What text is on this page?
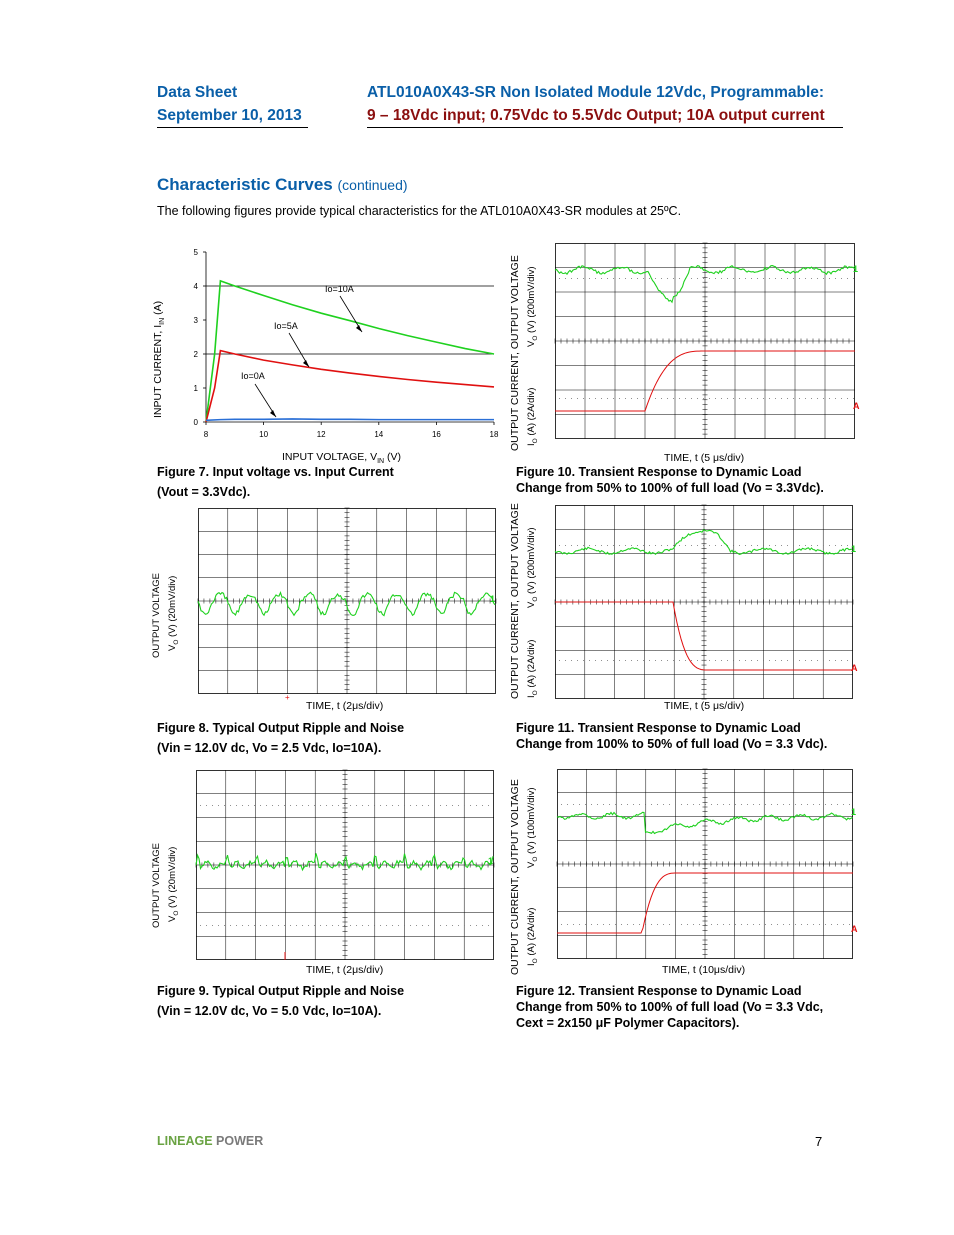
Data Sheet
September 10, 2013
ATL010A0X43-SR Non Isolated Module 12Vdc, Programmable:
9 – 18Vdc input; 0.75Vdc to 5.5Vdc Output; 10A output current
Characteristic Curves (continued)
The following figures provide typical characteristics for the ATL010A0X43-SR modules at 25ºC.
0
1
2
3
4
5
8	10	12	14	16	18
Io=10A
Io=5A
Io=0A
INPUT CURRENT, $I_{IN}$ (A)
INPUT VOLTAGE, $V_{IN}$ (V)
Figure 7. Input voltage vs. Input Current
(Vout = 3.3Vdc).
1
A
OUTPUT CURRENT, OUTPUT VOLTAGE $V_O$ (V) (200mV/div)
$I_O$ (A) (2A/div)
TIME, t (5 μs/div)
Figure 10. Transient Response to Dynamic Load
Change from 50% to 100% of full load (Vo = 3.3Vdc).
1
+
OUTPUT VOLTAGE $V_O$ (V) (20mV/div)
TIME, t (2μs/div)
Figure 8. Typical Output Ripple and Noise
(Vin = 12.0V dc, Vo = 2.5 Vdc, Io=10A).
1
A
OUTPUT CURRENT, OUTPUT VOLTAGE $V_O$ (V) (200mV/div)
$I_O$ (A) (2A/div)
TIME, t (5 μs/div)
Figure 11. Transient Response to Dynamic Load
Change from 100% to 50% of full load (Vo = 3.3 Vdc).
1
OUTPUT VOLTAGE $V_O$ (V) (20mV/div)
TIME, t (2μs/div)
Figure 9. Typical Output Ripple and Noise
(Vin = 12.0V dc, Vo = 5.0 Vdc, Io=10A).
1
A
OUTPUT CURRENT, OUTPUT VOLTAGE $V_O$ (V) (100mV/div)
$I_O$ (A) (2A/div)
TIME, t (10μs/div)
Figure 12. Transient Response to Dynamic Load
Change from 50% to 100% of full load (Vo = 3.3 Vdc,
Cext = 2x150 μF Polymer Capacitors).
LINEAGE POWER	7
